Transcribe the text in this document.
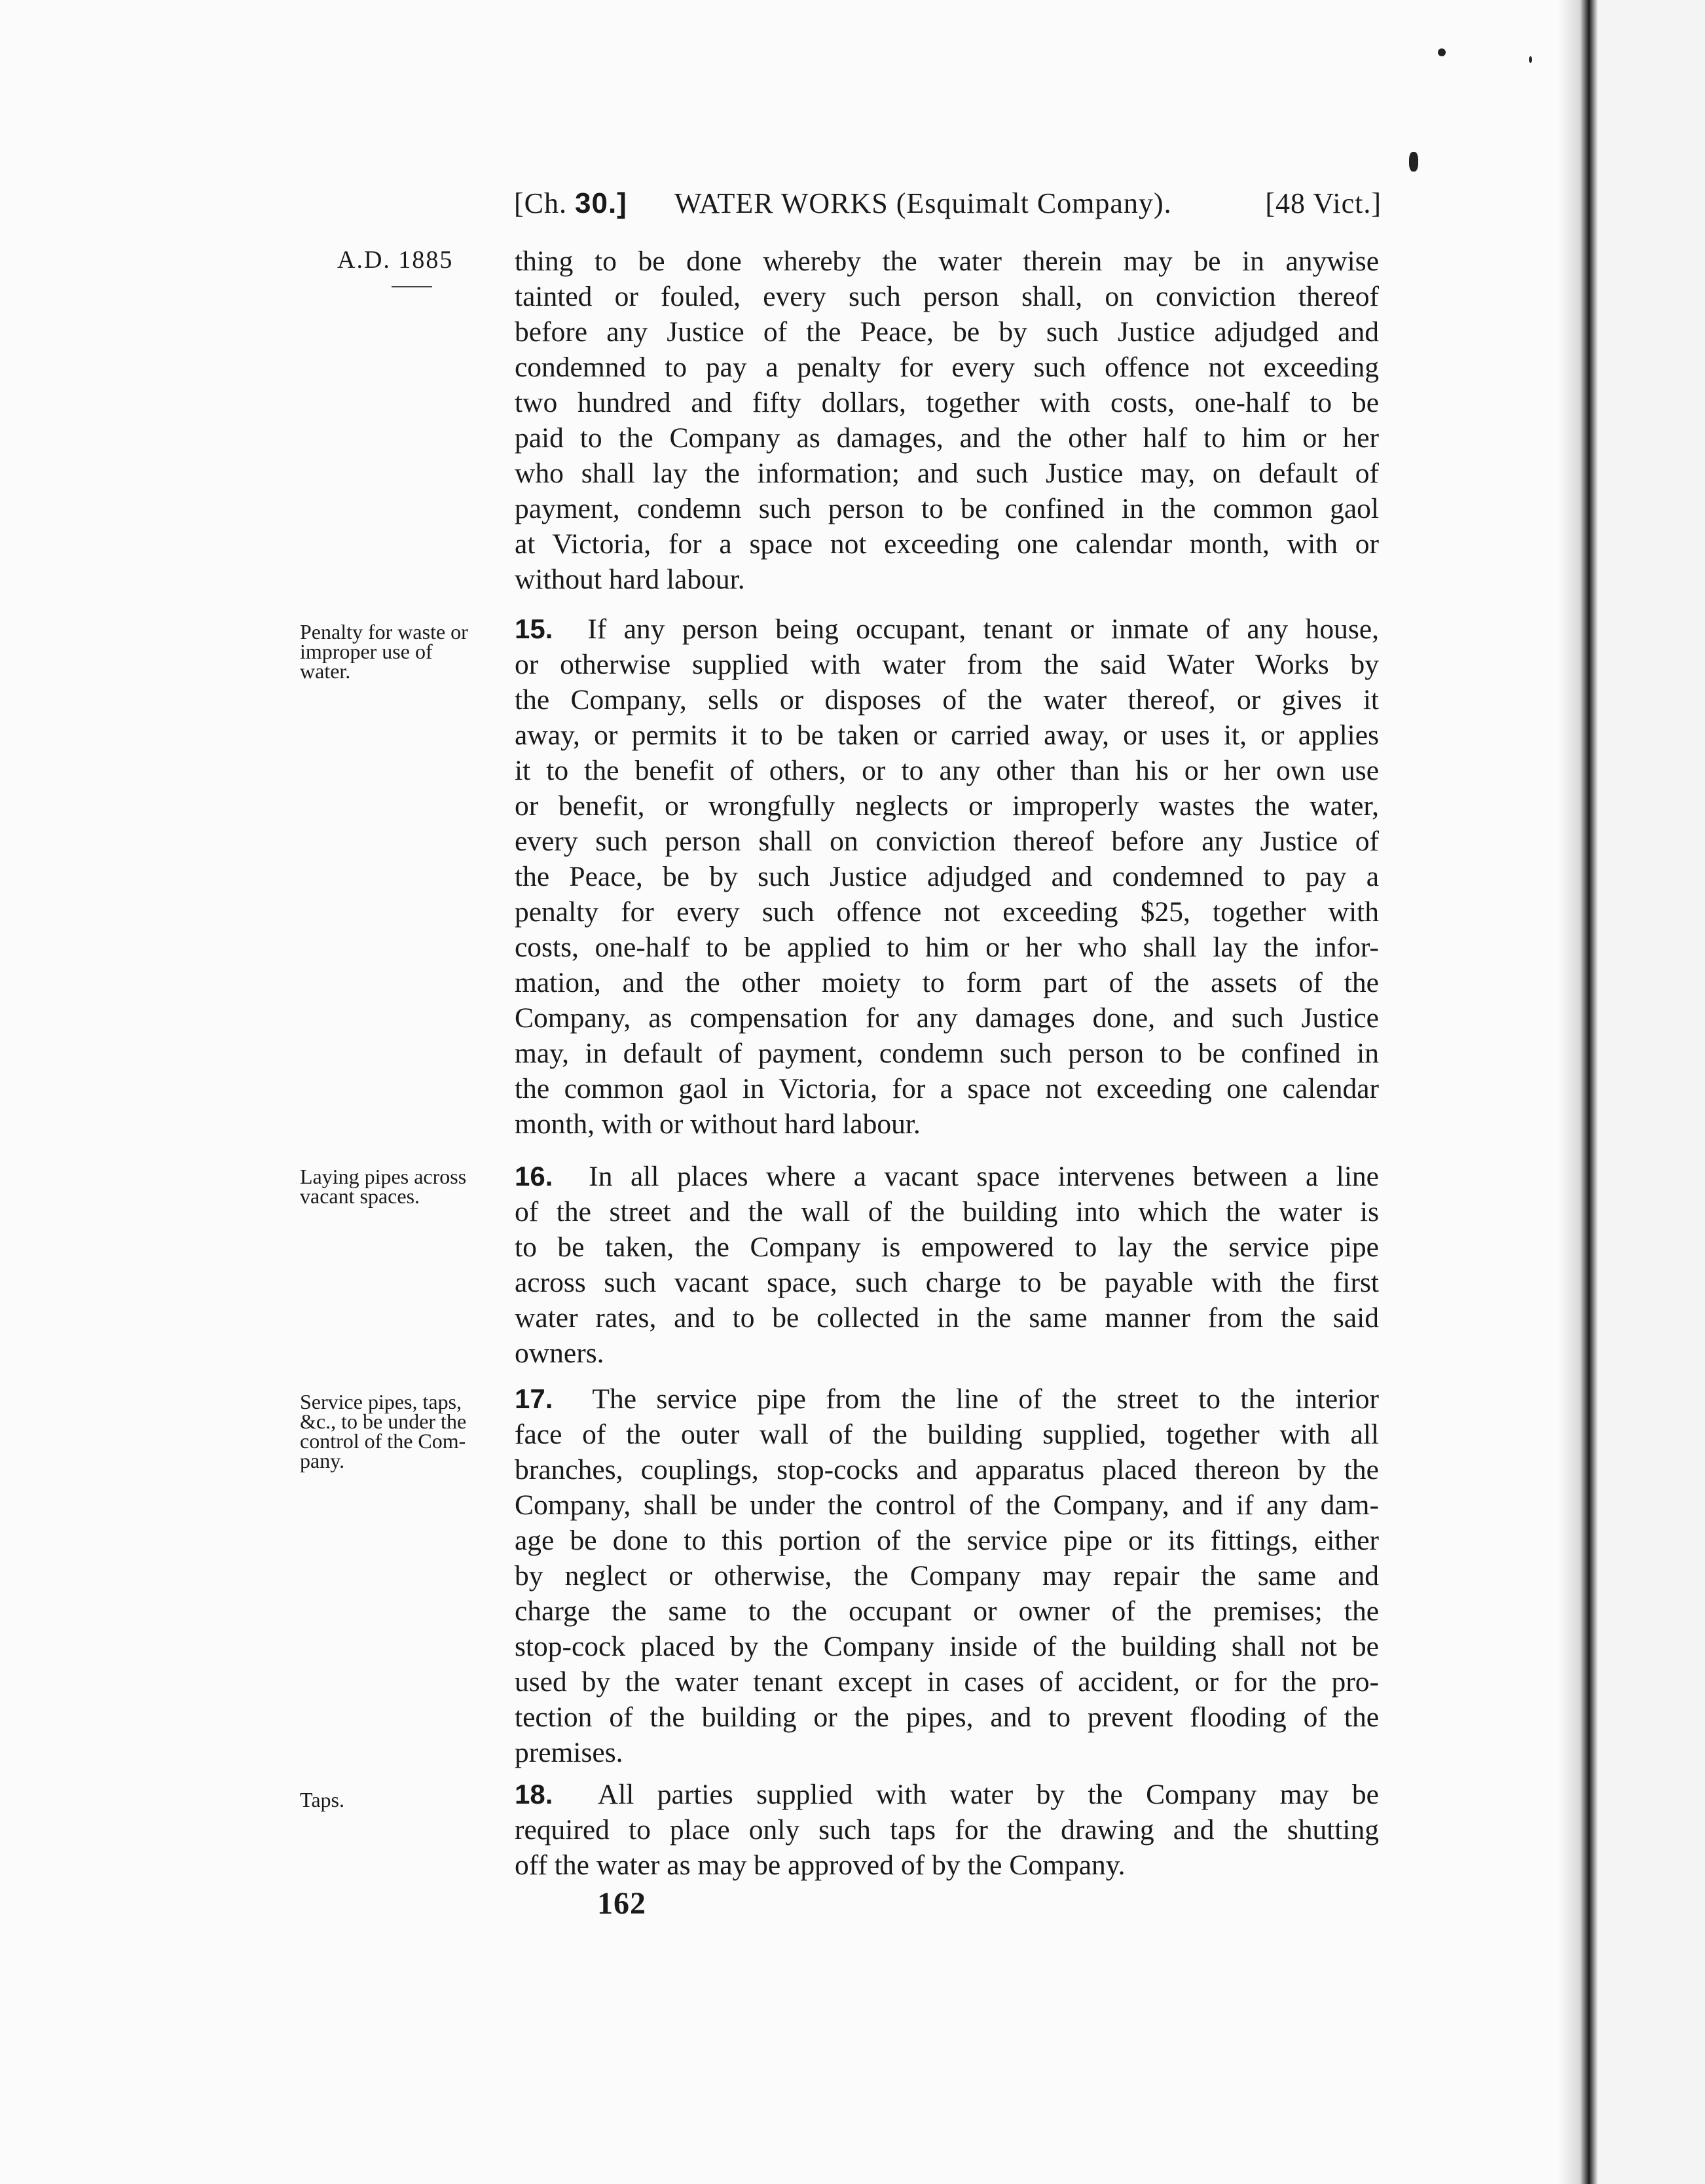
[Ch. 30.] WATER WORKS (Esquimalt Company).	[48 Vict.]
A.D. 1885 thing to be done whereby the water therein may be in anywise
tainted or fouled, every such person shall, on conviction thereof
before any Justice of the Peace, be by such Justice adjudged and
condemned to pay a penalty for every such offence not exceeding
two hundred and fifty dollars, together with costs, one-half to be
paid to the Company as damages, and the other half to him or her
who shall lay the information; and such Justice may, on default of
payment, condemn such person to be confined in the common gaol
at Victoria, for a space not exceeding one calendar month, with or
without hard labour.
Penalty for waste or
improper use of
water.
15. If any person being occupant, tenant or inmate of any house,
or otherwise supplied with water from the said Water Works by
the Company, sells or disposes of the water thereof, or gives it
away, or permits it to be taken or carried away, or uses it, or applies
it to the benefit of others, or to any other than his or her own use
or benefit, or wrongfully neglects or improperly wastes the water,
every such person shall on conviction thereof before any Justice of
the Peace, be by such Justice adjudged and condemned to pay a
penalty for every such offence not exceeding $25, together with
costs, one-half to be applied to him or her who shall lay the infor-
mation, and the other moiety to form part of the assets of the
Company, as compensation for any damages done, and such Justice
may, in default of payment, condemn such person to be confined in
the common gaol in Victoria, for a space not exceeding one calendar
month, with or without hard labour.
Laying pipes across
vacant spaces.
16. In all places where a vacant space intervenes between a line
of the street and the wall of the building into which the water is
to be taken, the Company is empowered to lay the service pipe
across such vacant space, such charge to be payable with the first
water rates, and to be collected in the same manner from the said
owners.
Service pipes, taps,
&c., to be under the
control of the Com-
pany.
17. The service pipe from the line of the street to the interior
face of the outer wall of the building supplied, together with all
branches, couplings, stop-cocks and apparatus placed thereon by the
Company, shall be under the control of the Company, and if any dam-
age be done to this portion of the service pipe or its fittings, either
by neglect or otherwise, the Company may repair the same and
charge the same to the occupant or owner of the premises; the
stop-cock placed by the Company inside of the building shall not be
used by the water tenant except in cases of accident, or for the pro-
tection of the building or the pipes, and to prevent flooding of the
premises.
Taps.	18. All parties supplied with water by the Company may be
required to place only such taps for the drawing and the shutting
off the water as may be approved of by the Company.
162
